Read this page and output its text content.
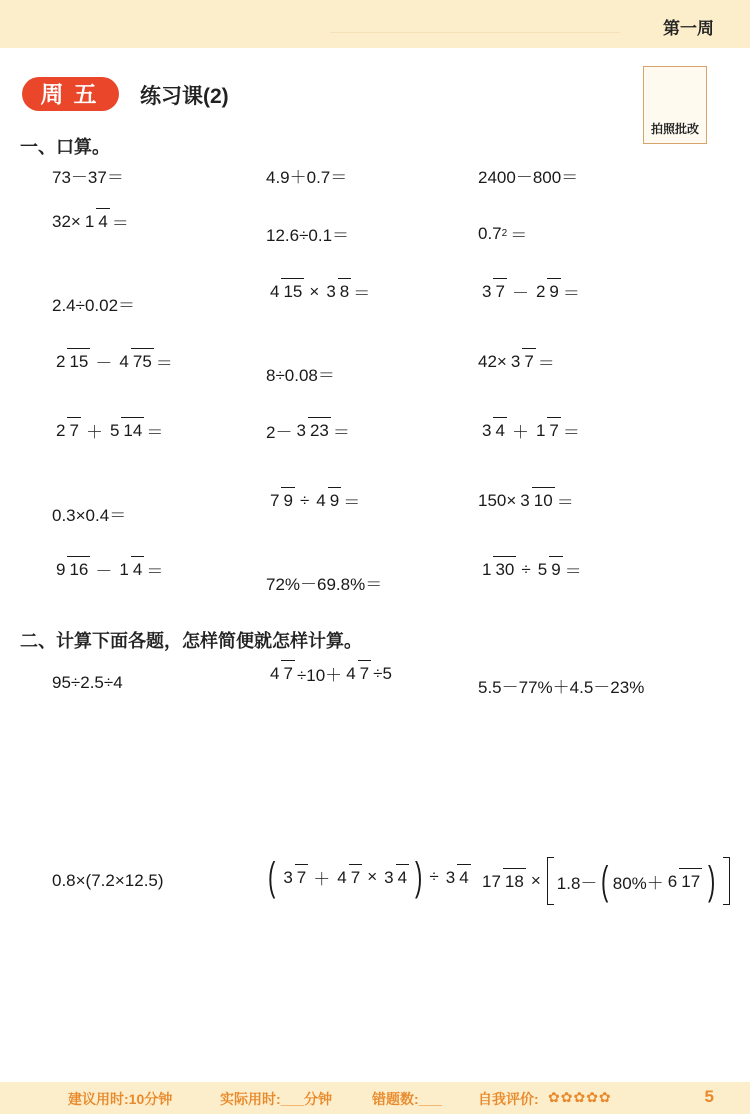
第一周
周五	练习课(2)
拍照批改
一、口算。
73－37＝	4.9＋0.7＝	2400－800＝
32× 1 4 ＝
12.6÷0.1＝	0.7 2 ＝
2.4÷0.02＝
4 15 × 3 8 ＝	3 7 － 2 9 ＝
2 15 － 4 75 ＝
8÷0.08＝
42× 3 7 ＝
2 7 ＋ 5 14 ＝	2－ 3 23 ＝	3 4 ＋ 1 7 ＝
0.3×0.4＝
7 9 ÷ 4 9 ＝	150× 3 10 ＝
9 16 － 1 4 ＝
72%－69.8%＝
1 30 ÷ 5 9 ＝
二、计算下面各题，怎样简便就怎样计算。
95÷2.5÷4	4 7 ÷10＋ 4 7 ÷5
5.5－77%＋4.5－23%
0.8×(7.2×12.5)	( 3 7 ＋ 4 7 × 3 4 ) ÷ 3 4 17 18 × 1.8－ ( 80%＋ 6 17 )
建议用时:10分钟	实际用时:___分钟	错题数:___	自我评价: ✿✿✿✿✿	5
